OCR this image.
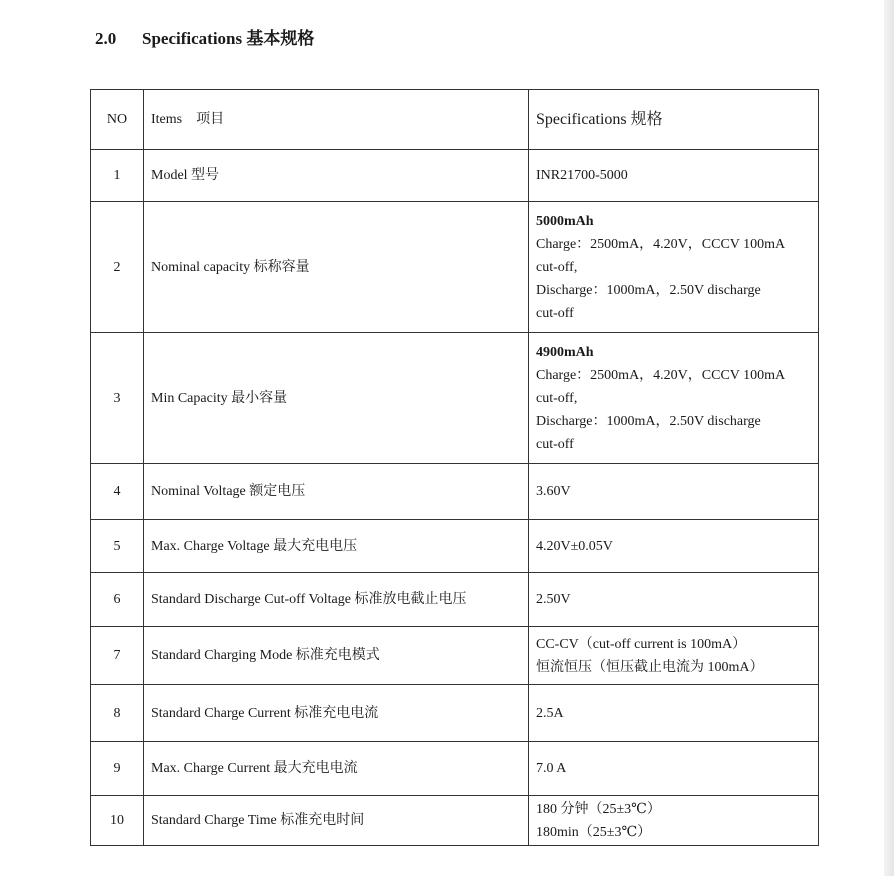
2.0 Specifications 基本规格
NO	Items　项目	Specifications 规格
1	Model 型号	INR21700-5000

2	Nominal capacity 标称容量	5000mAh
Charge：2500mA，4.20V，CCCV 100mA
cut-off,
Discharge：1000mA，2.50V discharge
cut-off

3	Min Capacity 最小容量	4900mAh
Charge：2500mA，4.20V，CCCV 100mA
cut-off,
Discharge：1000mA，2.50V discharge
cut-off

4	Nominal Voltage 额定电压	3.60V

5	Max. Charge Voltage 最大充电电压	4.20V±0.05V

6	Standard Discharge Cut-off Voltage 标准放电截止电压	2.50V

7	Standard Charging Mode 标准充电模式	CC-CV（cut-off current is 100mA）
恒流恒压（恒压截止电流为 100mA）

8	Standard Charge Current 标准充电电流	2.5A

9	Max. Charge Current 最大充电电流	7.0 A

10	Standard Charge Time 标准充电时间	180 分钟（25±3℃）
180min（25±3℃）
